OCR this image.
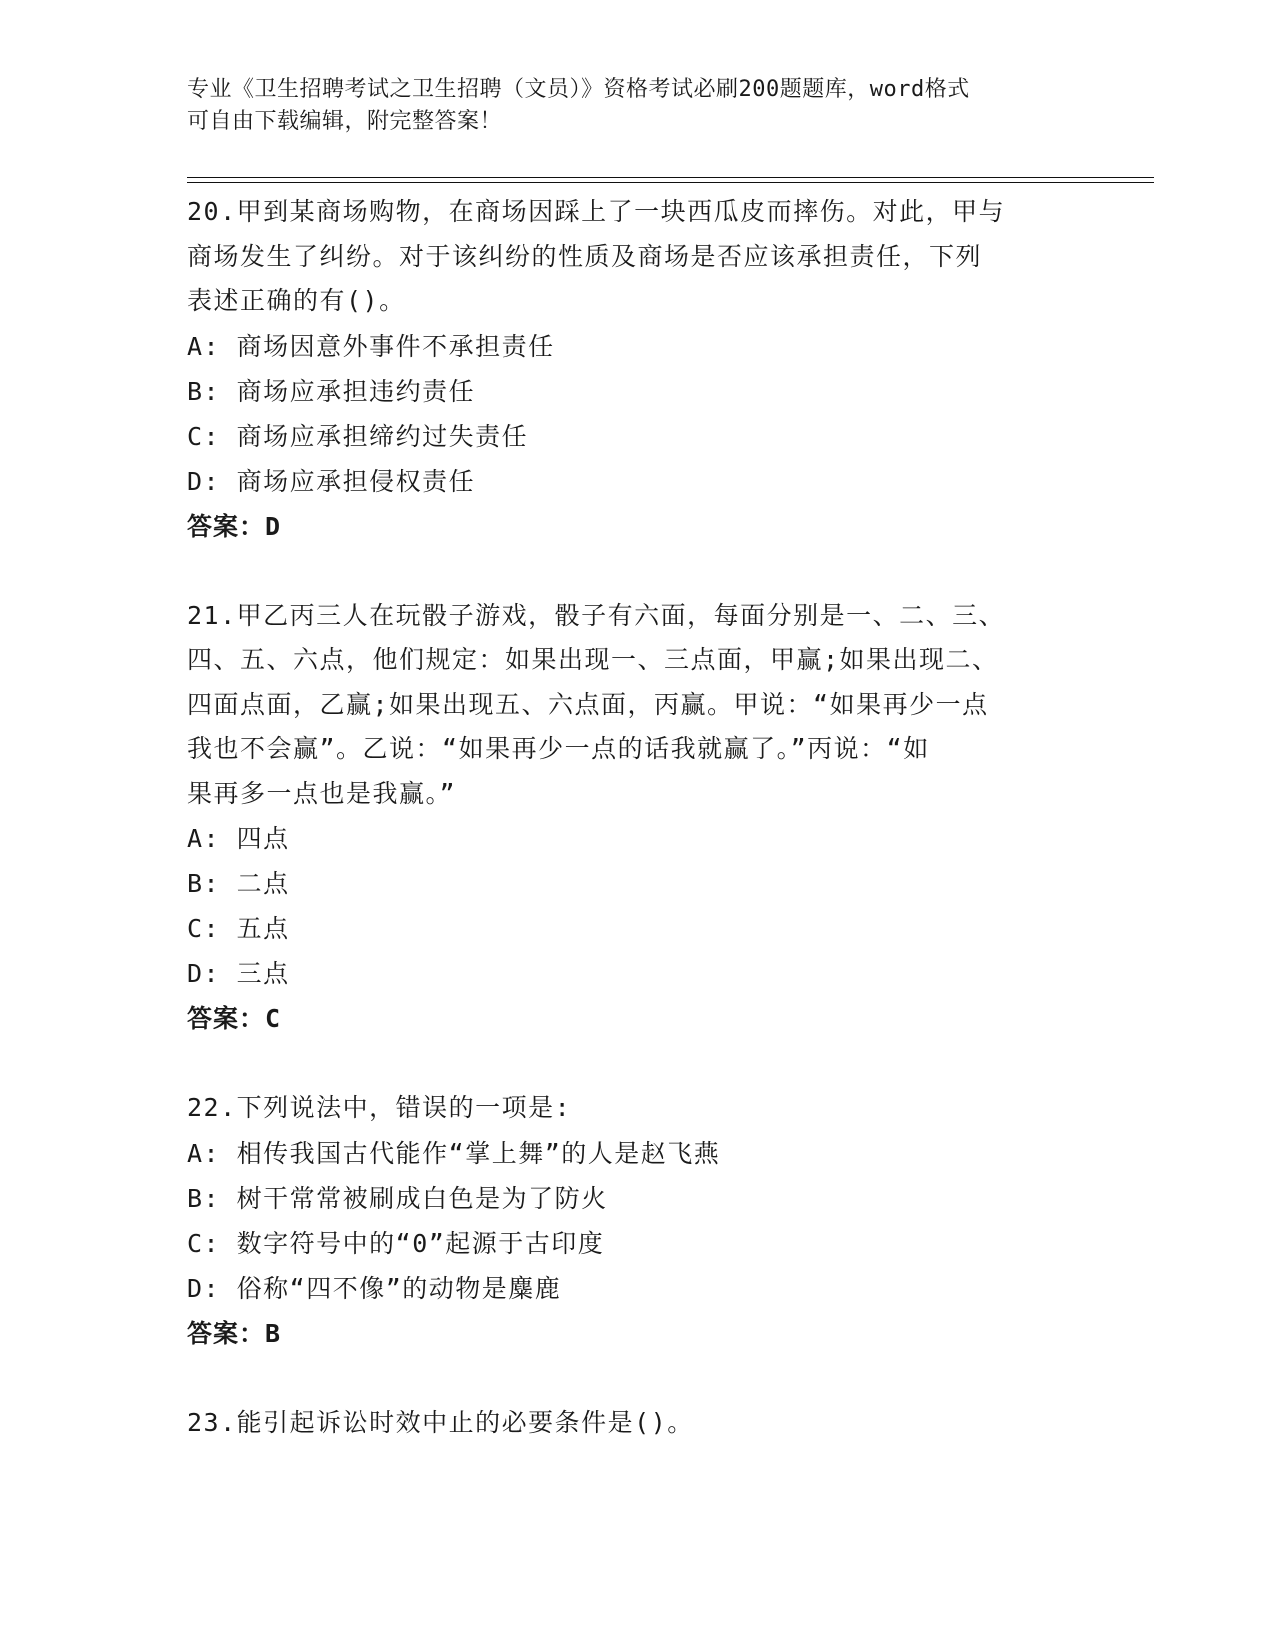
专业《卫生招聘考试之卫生招聘（文员）》资格考试必刷200题题库，word格式
可自由下载编辑，附完整答案！
20.甲到某商场购物，在商场因踩上了一块西瓜皮而摔伤。对此，甲与
商场发生了纠纷。对于该纠纷的性质及商场是否应该承担责任，下列
表述正确的有()。
A: 商场因意外事件不承担责任
B: 商场应承担违约责任
C: 商场应承担缔约过失责任
D: 商场应承担侵权责任
答案：D
21.甲乙丙三人在玩骰子游戏，骰子有六面，每面分别是一、二、三、
四、五、六点，他们规定：如果出现一、三点面，甲赢;如果出现二、
四面点面，乙赢;如果出现五、六点面，丙赢。甲说：“如果再少一点
我也不会赢”。乙说：“如果再少一点的话我就赢了。”丙说：“如
果再多一点也是我赢。”
A: 四点
B: 二点
C: 五点
D: 三点
答案：C
22.下列说法中，错误的一项是:
A: 相传我国古代能作“掌上舞”的人是赵飞燕
B: 树干常常被刷成白色是为了防火
C: 数字符号中的“0”起源于古印度
D: 俗称“四不像”的动物是麋鹿
答案：B
23.能引起诉讼时效中止的必要条件是()。
